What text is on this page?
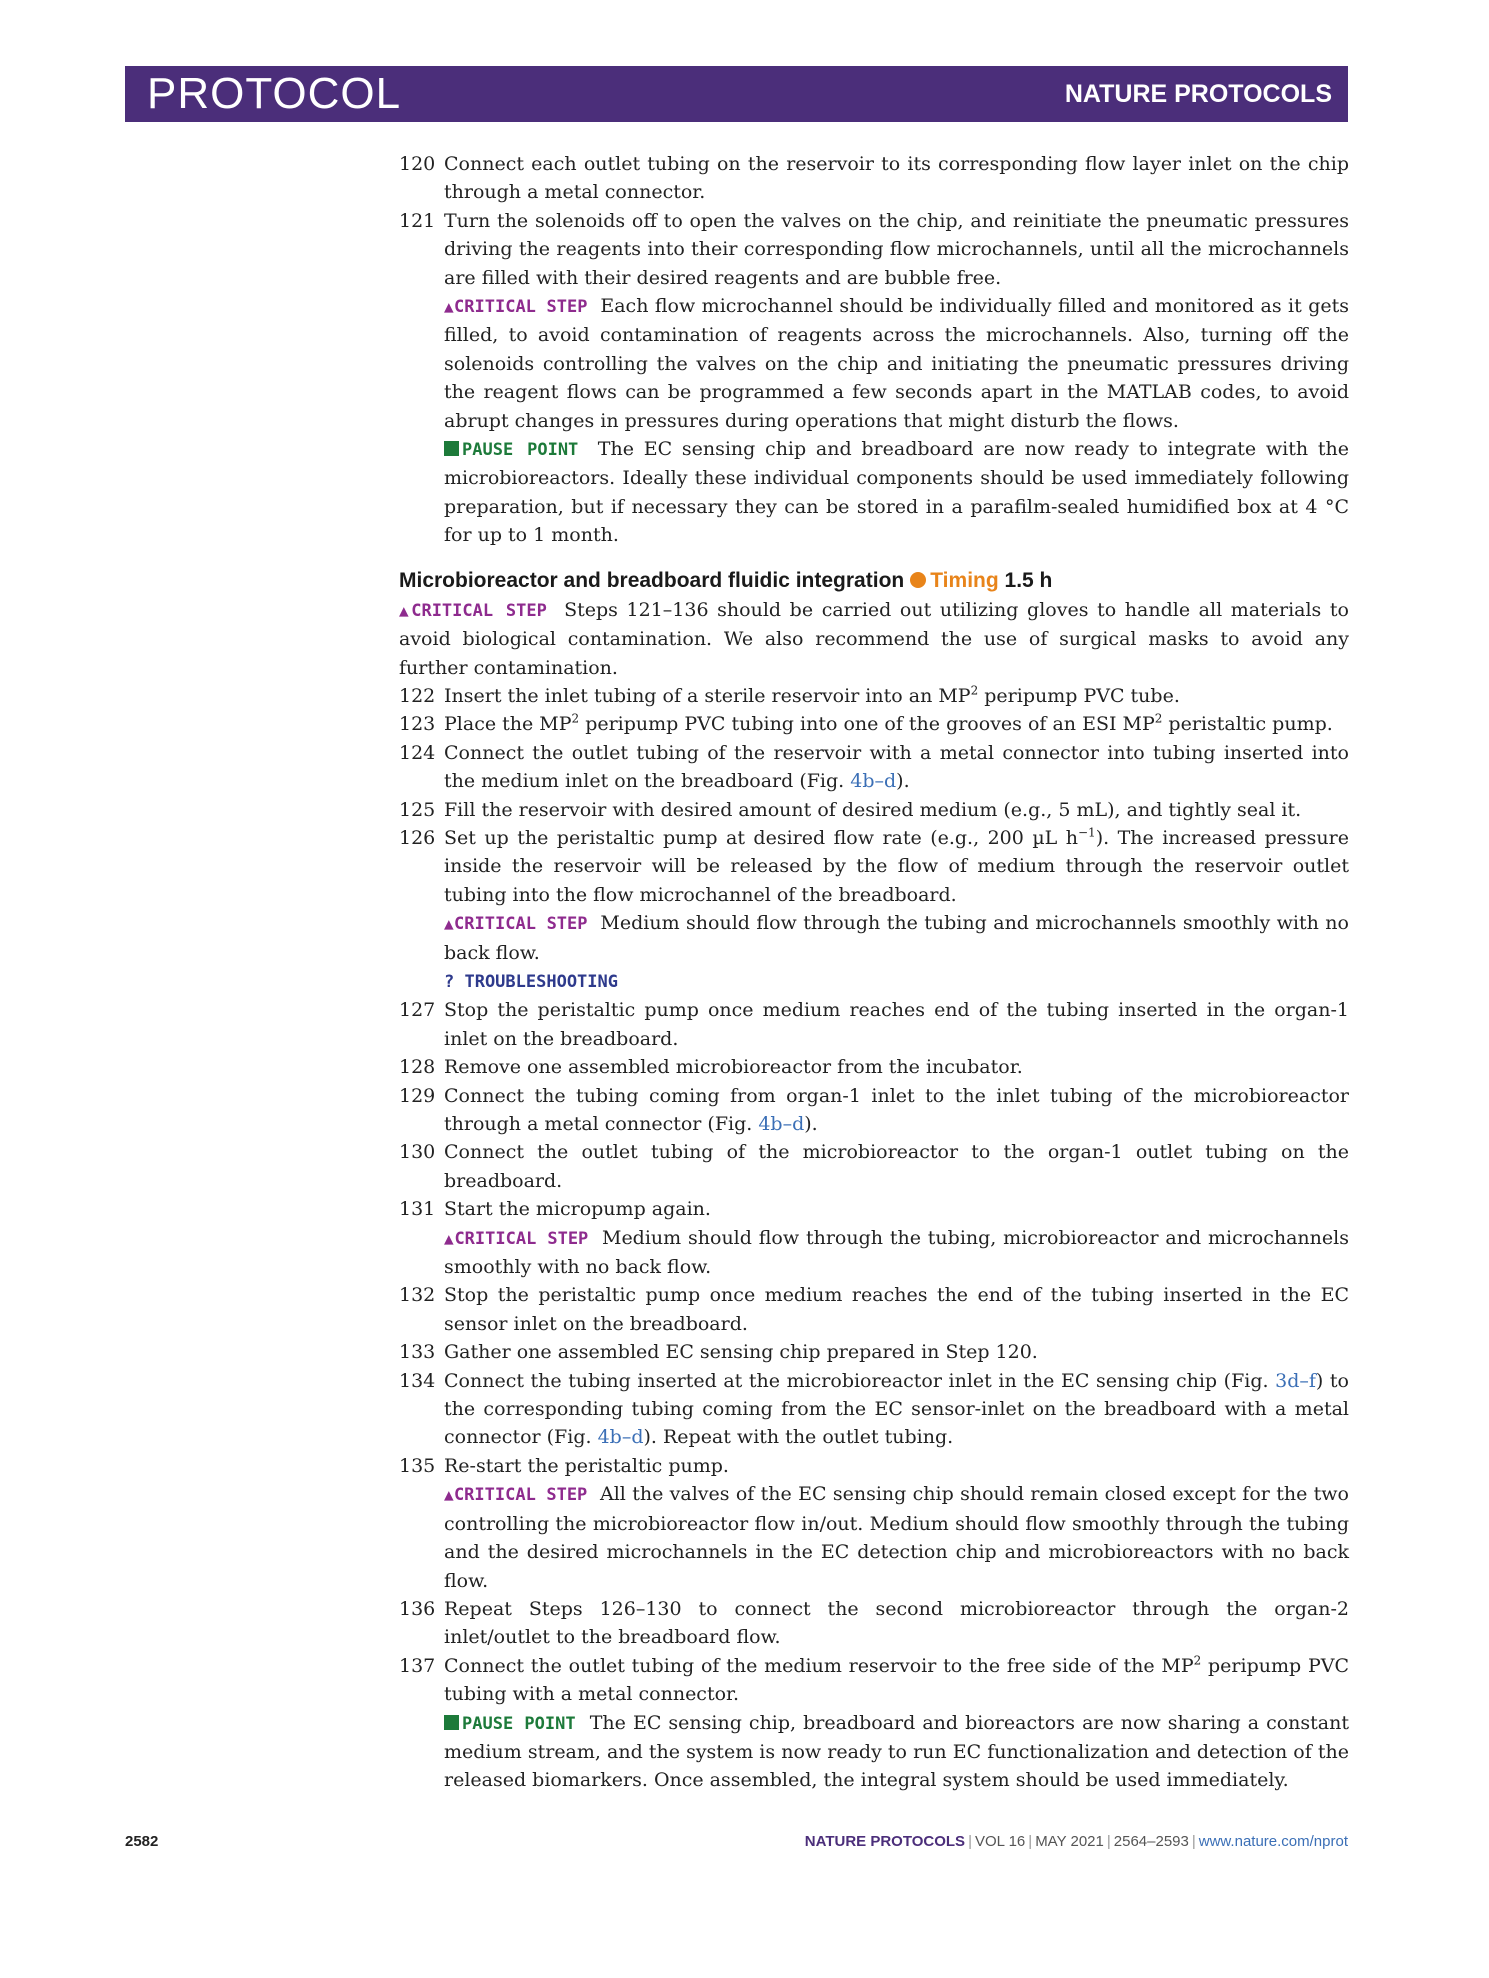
PROTOCOL	NATURE PROTOCOLS
120 Connect each outlet tubing on the reservoir to its corresponding flow layer inlet on the chip through a metal connector.
121 Turn the solenoids off to open the valves on the chip, and reinitiate the pneumatic pressures driving the reagents into their corresponding flow microchannels, until all the microchannels are filled with their desired reagents and are bubble free.
▲CRITICAL STEP Each flow microchannel should be individually filled and monitored as it gets filled, to avoid contamination of reagents across the microchannels. Also, turning off the solenoids controlling the valves on the chip and initiating the pneumatic pressures driving the reagent flows can be programmed a few seconds apart in the MATLAB codes, to avoid abrupt changes in pressures during operations that might disturb the flows.
PAUSE POINT The EC sensing chip and breadboard are now ready to integrate with the microbioreactors. Ideally these individual components should be used immediately following preparation, but if necessary they can be stored in a parafilm-sealed humidified box at 4 °C for up to 1 month.
Microbioreactor and breadboard fluidic integration Timing 1.5 h
▲CRITICAL STEP Steps 121–136 should be carried out utilizing gloves to handle all materials to avoid biological contamination. We also recommend the use of surgical masks to avoid any further contamination.
122 Insert the inlet tubing of a sterile reservoir into an $MP^2$ peripump PVC tube.
123 Place the $MP^2$ peripump PVC tubing into one of the grooves of an ESI $MP^2$ peristaltic pump.
124 Connect the outlet tubing of the reservoir with a metal connector into tubing inserted into the medium inlet on the breadboard (Fig. 4b–d).
125 Fill the reservoir with desired amount of desired medium (e.g., 5 mL), and tightly seal it.
126 Set up the peristaltic pump at desired flow rate (e.g., 200 µL $h^{-1}$). The increased pressure inside the reservoir will be released by the flow of medium through the reservoir outlet tubing into the flow microchannel of the breadboard.
▲CRITICAL STEP Medium should flow through the tubing and microchannels smoothly with no back flow.
? TROUBLESHOOTING
127 Stop the peristaltic pump once medium reaches end of the tubing inserted in the organ-1 inlet on the breadboard.
128 Remove one assembled microbioreactor from the incubator.
129 Connect the tubing coming from organ-1 inlet to the inlet tubing of the microbioreactor through a metal connector (Fig. 4b–d).
130 Connect the outlet tubing of the microbioreactor to the organ-1 outlet tubing on the breadboard.
131 Start the micropump again.
▲CRITICAL STEP Medium should flow through the tubing, microbioreactor and microchannels smoothly with no back flow.
132 Stop the peristaltic pump once medium reaches the end of the tubing inserted in the EC sensor inlet on the breadboard.
133 Gather one assembled EC sensing chip prepared in Step 120.
134 Connect the tubing inserted at the microbioreactor inlet in the EC sensing chip (Fig. 3d–f) to the corresponding tubing coming from the EC sensor-inlet on the breadboard with a metal connector (Fig. 4b–d). Repeat with the outlet tubing.
135 Re-start the peristaltic pump.
▲CRITICAL STEP All the valves of the EC sensing chip should remain closed except for the two controlling the microbioreactor flow in/out. Medium should flow smoothly through the tubing and the desired microchannels in the EC detection chip and microbioreactors with no back flow.
136 Repeat Steps 126–130 to connect the second microbioreactor through the organ-2 inlet/outlet to the breadboard flow.
137 Connect the outlet tubing of the medium reservoir to the free side of the $MP^2$ peripump PVC tubing with a metal connector.
PAUSE POINT The EC sensing chip, breadboard and bioreactors are now sharing a constant medium stream, and the system is now ready to run EC functionalization and detection of the released biomarkers. Once assembled, the integral system should be used immediately.
2582	NATURE PROTOCOLS | VOL 16 | MAY 2021 | 2564–2593 | www.nature.com/nprot
